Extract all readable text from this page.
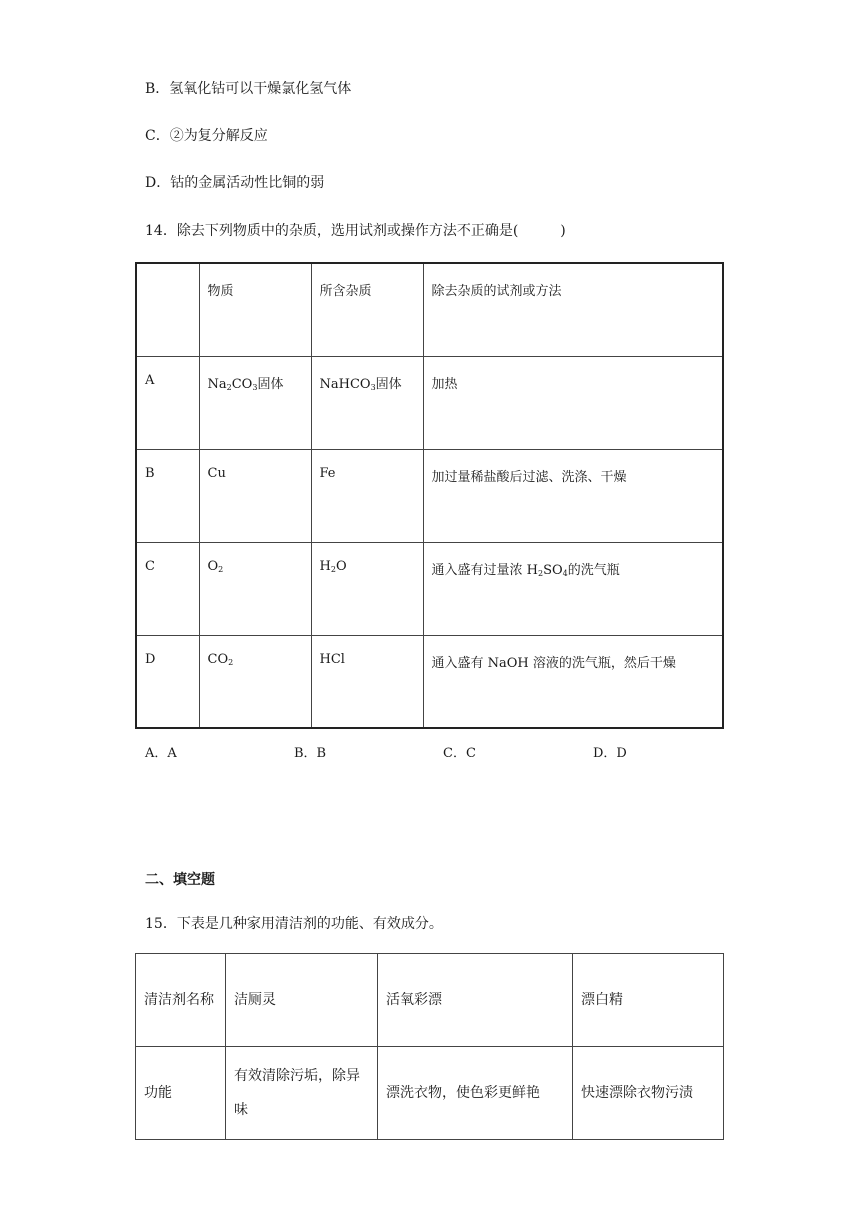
B．氢氧化钴可以干燥氯化氢气体
C．②为复分解反应
D．钴的金属活动性比铜的弱
14．除去下列物质中的杂质，选用试剂或操作方法不正确是(　　　)
	物质	所含杂质	除去杂质的试剂或方法
A	$Na_2CO_3$固体	NaHCO$_3$固体	加热
B	Cu	Fe	加过量稀盐酸后过滤、洗涤、干燥
C	$O_2$	$H_2O$	通入盛有过量浓 $H_2SO_4$的洗气瓶
D	$CO_2$	HCl	通入盛有 NaOH 溶液的洗气瓶，然后干燥
A．A	B．B	C．C	D．D
二、填空题
15．下表是几种家用清洁剂的功能、有效成分。
清洁剂名称	洁厕灵	活氧彩漂	漂白精
功能	有效清除污垢，除异味	漂洗衣物，使色彩更鲜艳	快速漂除衣物污渍
